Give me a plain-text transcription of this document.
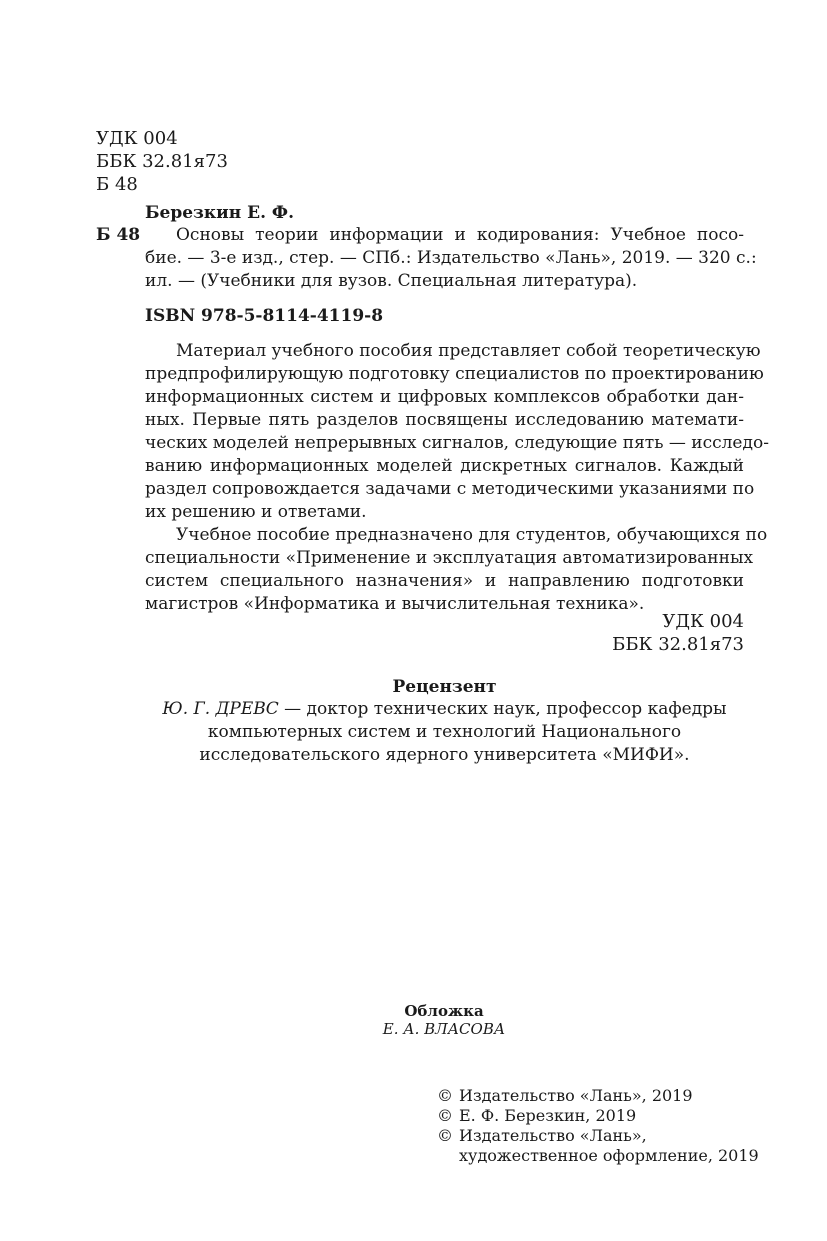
УДК 004
ББК 32.81я73
Б 48
Березкин Е. Ф.
Б 48 Основы теории информации и кодирования: Учебное посо-
бие. — 3-е изд., стер. — СПб.: Издательство «Лань», 2019. — 320 с.:
ил. — (Учебники для вузов. Специальная литература).
ISBN 978-5-8114-4119-8
Материал учебного пособия представляет собой теоретическую
предпрофилирующую подготовку специалистов по проектированию
информационных систем и цифровых комплексов обработки дан-
ных. Первые пять разделов посвящены исследованию математи-
ческих моделей непрерывных сигналов, следующие пять — исследо-
ванию информационных моделей дискретных сигналов. Каждый
раздел сопровождается задачами с методическими указаниями по
их решению и ответами.
Учебное пособие предназначено для студентов, обучающихся по
специальности «Применение и эксплуатация автоматизированных
систем специального назначения» и направлению подготовки
магистров «Информатика и вычислительная техника».
УДК 004
ББК 32.81я73
Рецензент
Ю. Г. ДРЕВС — доктор технических наук, профессор кафедры
компьютерных систем и технологий Национального
исследовательского ядерного университета «МИФИ».
Обложка
Е. А. ВЛАСОВА
© Издательство «Лань», 2019
© Е. Ф. Березкин, 2019
© Издательство «Лань»,
художественное оформление, 2019
